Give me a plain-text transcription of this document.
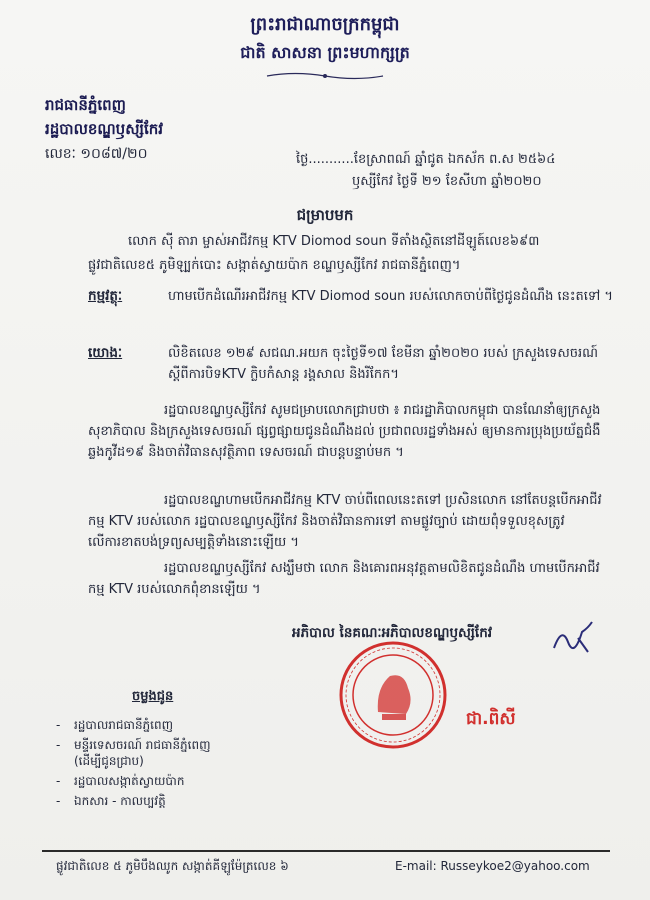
ព្រះរាជាណាចក្រកម្ពុជា
ជាតិ សាសនា ព្រះមហាក្សត្រ
រាជធានីភ្នំពេញ
រដ្ឋបាលខណ្ឌឫស្សីកែវ
លេខៈ ១០៨៧/២០	ថ្ងៃ...........ខែស្រាពណ៍ ឆ្នាំជូត ឯកស័ក ព.ស ២៥៦៤
ឫស្សីកែវ ថ្ងៃទី ២១ ខែសីហា ឆ្នាំ២០២០
ជម្រាបមក
លោក ស៊ី តារា ម្ចាស់អាជីវកម្ម KTV Diomod soun ទីតាំងស្ថិតនៅដីឡូត៍លេខ៦៩៣
ផ្លូវជាតិលេខ៥ ភូមិឡ្បក់បោះ សង្កាត់ស្វាយប៉ាក ខណ្ឌឫស្សីកែវ រាជធានីភ្នំពេញ។
កម្មវត្ថុៈ	ហាមបើកដំណើរអាជីវកម្ម KTV Diomod soun របស់លោកចាប់ពីថ្ងៃជូនដំណឹង នេះតទៅ ។
យោងៈ	លិខិតលេខ ១២៩ សជណ.អយក ចុះថ្ងៃទី១៧ ខែមីនា ឆ្នាំ២០២០ របស់ ក្រសួងទេសចរណ៍ ស្តីពីការបិទKTV ក្លិបកំសាន្ត រង្គសាល និងរីកែក។
រដ្ឋបាលខណ្ឌឫស្សីកែវ សូមជម្រាបលោកជ្រាបថា ៖ រាជរដ្ឋាភិបាលកម្ពុជា បានណែនាំឲ្យក្រសួងសុខាភិបាល និងក្រសួងទេសចរណ៍ ផ្សព្វផ្សាយជូនដំណឹងដល់ ប្រជាពលរដ្ឋទាំងអស់ ឲ្យមានការប្រុងប្រយ័ត្នជំងឺឆ្លងកូវីដ១៩ និងចាត់វិធានសុវត្ថិភាព ទេសចរណ៍ ជាបន្តបន្ទាប់មក ។
រដ្ឋបាលខណ្ឌហាមបើកអាជីវកម្ម KTV ចាប់ពីពេលនេះតទៅ ប្រសិនលោក នៅតែបន្តបើកអាជីវកម្ម KTV របស់លោក រដ្ឋបាលខណ្ឌឫស្សីកែវ និងចាត់វិធានការទៅ តាមផ្លូវច្បាប់ ដោយពុំទទួលខុសត្រូវលើការខាតបង់ទ្រព្យសម្បត្តិទាំងនោះឡើយ ។
រដ្ឋបាលខណ្ឌឫស្សីកែវ សង្ឃឹមថា លោក និងគោរពអនុវត្តតាមលិខិតជូនដំណឹង ហាមបើកអាជីវកម្ម KTV របស់លោកពុំខានឡើយ ។
អភិបាល នៃគណៈអភិបាលខណ្ឌឫស្សីកែវ
ជា.ពិសី
ចម្លងជូន
- រដ្ឋបាលរាជធានីភ្នំពេញ
- មន្ទីរទេសចរណ៍ រាជធានីភ្នំពេញ
(ដើម្បីជូនជ្រាប)
- រដ្ឋបាលសង្កាត់ស្វាយប៉ាក
- ឯកសារ - កាលប្បវត្តិ
ផ្លូវជាតិលេខ ៥ ភូមិបឹងឈូក សង្កាត់គីឡូម៉ែត្រលេខ ៦	E-mail: Russeykoe2@yahoo.com
